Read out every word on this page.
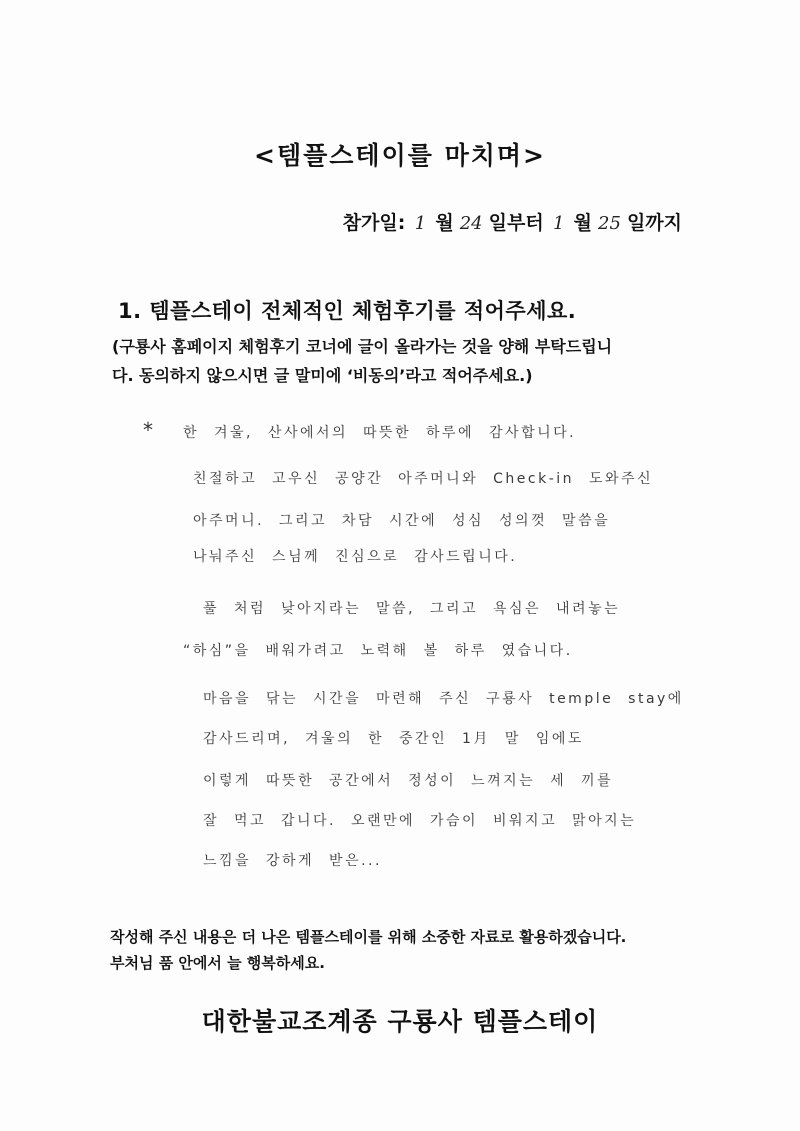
<템플스테이를 마치며>
참가일: 1 월 24 일부터 1 월 25 일까지
1. 템플스테이 전체적인 체험후기를 적어주세요.
(구룡사 홈페이지 체험후기 코너에 글이 올라가는 것을 양해 부탁드립니
다. 동의하지 않으시면 글 말미에 ‘비동의’라고 적어주세요.)
* 한 겨울, 산사에서의 따뜻한 하루에 감사합니다.
친절하고 고우신 공양간 아주머니와 Check-in 도와주신
아주머니. 그리고 차담 시간에 성심 성의껏 말씀을
나눠주신 스님께 진심으로 감사드립니다.
풀 처럼 낮아지라는 말씀, 그리고 욕심은 내려놓는
“하심”을 배워가려고 노력해 볼 하루 였습니다.
마음을 닦는 시간을 마련해 주신 구룡사 temple stay에
감사드리며, 겨울의 한 중간인 1月 말 임에도
이렇게 따뜻한 공간에서 정성이 느껴지는 세 끼를
잘 먹고 갑니다. 오랜만에 가슴이 비워지고 맑아지는
느낌을 강하게 받은...
작성해 주신 내용은 더 나은 템플스테이를 위해 소중한 자료로 활용하겠습니다.
부처님 품 안에서 늘 행복하세요.
대한불교조계종 구룡사 템플스테이
